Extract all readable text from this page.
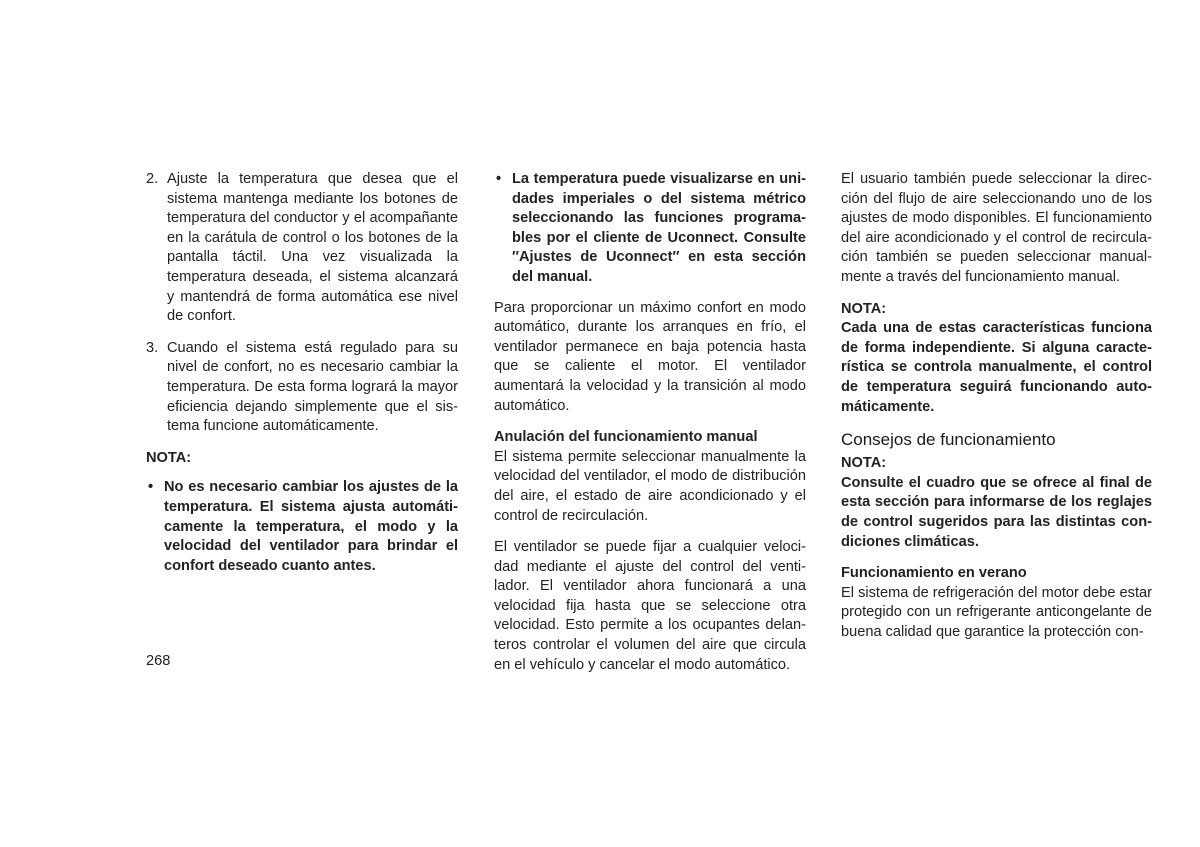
2. Ajuste la temperatura que desea que el sistema mantenga mediante los botones de temperatura del conductor y el acompañante en la carátula de control o los botones de la pantalla táctil. Una vez visualizada la temperatura deseada, el sistema alcanzará y mantendrá de forma automática ese nivel de confort.
3. Cuando el sistema está regulado para su nivel de confort, no es necesario cambiar la temperatura. De esta forma logrará la mayor eficiencia dejando simplemente que el sistema funcione automáticamente.
NOTA:
• No es necesario cambiar los ajustes de la temperatura. El sistema ajusta automáticamente la temperatura, el modo y la velocidad del ventilador para brindar el confort deseado cuanto antes.
• La temperatura puede visualizarse en unidades imperiales o del sistema métrico seleccionando las funciones programables por el cliente de Uconnect. Consulte ″Ajustes de Uconnect″ en esta sección del manual.

Para proporcionar un máximo confort en modo automático, durante los arranques en frío, el ventilador permanece en baja potencia hasta que se caliente el motor. El ventilador aumentará la velocidad y la transición al modo automático.

Anulación del funcionamiento manual

El sistema permite seleccionar manualmente la velocidad del ventilador, el modo de distribución del aire, el estado de aire acondicionado y el control de recirculación.

El ventilador se puede fijar a cualquier velocidad mediante el ajuste del control del ventilador. El ventilador ahora funcionará a una velocidad fija hasta que se seleccione otra velocidad. Esto permite a los ocupantes delanteros controlar el volumen del aire que circula en el vehículo y cancelar el modo automático.

El usuario también puede seleccionar la dirección del flujo de aire seleccionando uno de los ajustes de modo disponibles. El funcionamiento del aire acondicionado y el control de recirculación también se pueden seleccionar manualmente a través del funcionamiento manual.

NOTA:

Cada una de estas características funciona de forma independiente. Si alguna característica se controla manualmente, el control de temperatura seguirá funcionando automáticamente.

Consejos de funcionamiento
NOTA:

Consulte el cuadro que se ofrece al final de esta sección para informarse de los reglajes de control sugeridos para las distintas condiciones climáticas.

Funcionamiento en verano

El sistema de refrigeración del motor debe estar protegido con un refrigerante anticongelante de buena calidad que garantice la protección con-

268
